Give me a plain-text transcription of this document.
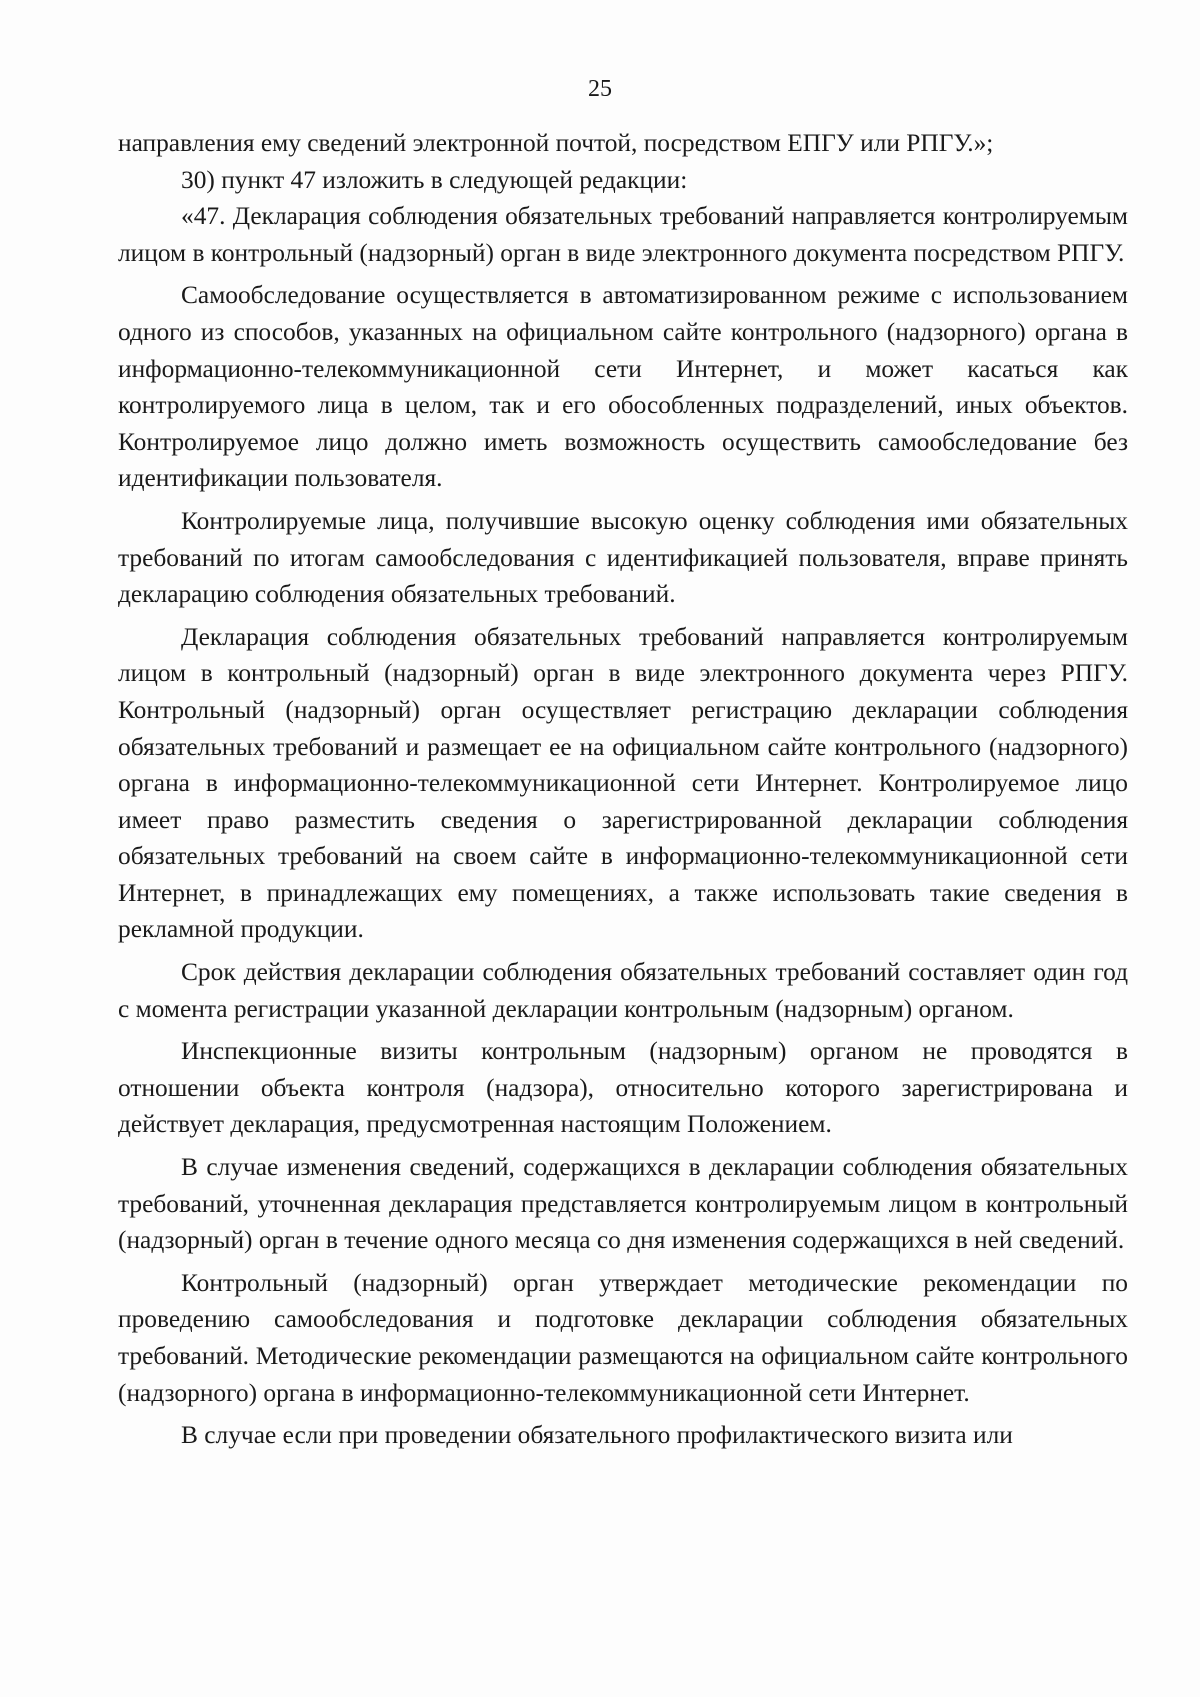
25

направления ему сведений электронной почтой, посредством ЕПГУ или РПГУ.»;

30) пункт 47 изложить в следующей редакции:

«47. Декларация соблюдения обязательных требований направляется контролируемым лицом в контрольный (надзорный) орган в виде электронного документа посредством РПГУ.

Самообследование осуществляется в автоматизированном режиме с использованием одного из способов, указанных на официальном сайте контрольного (надзорного) органа в информационно-телекоммуникационной сети Интернет, и может касаться как контролируемого лица в целом, так и его обособленных подразделений, иных объектов. Контролируемое лицо должно иметь возможность осуществить самообследование без идентификации пользователя.

Контролируемые лица, получившие высокую оценку соблюдения ими обязательных требований по итогам самообследования с идентификацией пользователя, вправе принять декларацию соблюдения обязательных требований.

Декларация соблюдения обязательных требований направляется контролируемым лицом в контрольный (надзорный) орган в виде электронного документа через РПГУ. Контрольный (надзорный) орган осуществляет регистрацию декларации соблюдения обязательных требований и размещает ее на официальном сайте контрольного (надзорного) органа в информационно-телекоммуникационной сети Интернет. Контролируемое лицо имеет право разместить сведения о зарегистрированной декларации соблюдения обязательных требований на своем сайте в информационно-телекоммуникационной сети Интернет, в принадлежащих ему помещениях, а также использовать такие сведения в рекламной продукции.

Срок действия декларации соблюдения обязательных требований составляет один год с момента регистрации указанной декларации контрольным (надзорным) органом.

Инспекционные визиты контрольным (надзорным) органом не проводятся в отношении объекта контроля (надзора), относительно которого зарегистрирована и действует декларация, предусмотренная настоящим Положением.

В случае изменения сведений, содержащихся в декларации соблюдения обязательных требований, уточненная декларация представляется контролируемым лицом в контрольный (надзорный) орган в течение одного месяца со дня изменения содержащихся в ней сведений.

Контрольный (надзорный) орган утверждает методические рекомендации по проведению самообследования и подготовке декларации соблюдения обязательных требований. Методические рекомендации размещаются на официальном сайте контрольного (надзорного) органа в информационно-телекоммуникационной сети Интернет.

В случае если при проведении обязательного профилактического визита или
